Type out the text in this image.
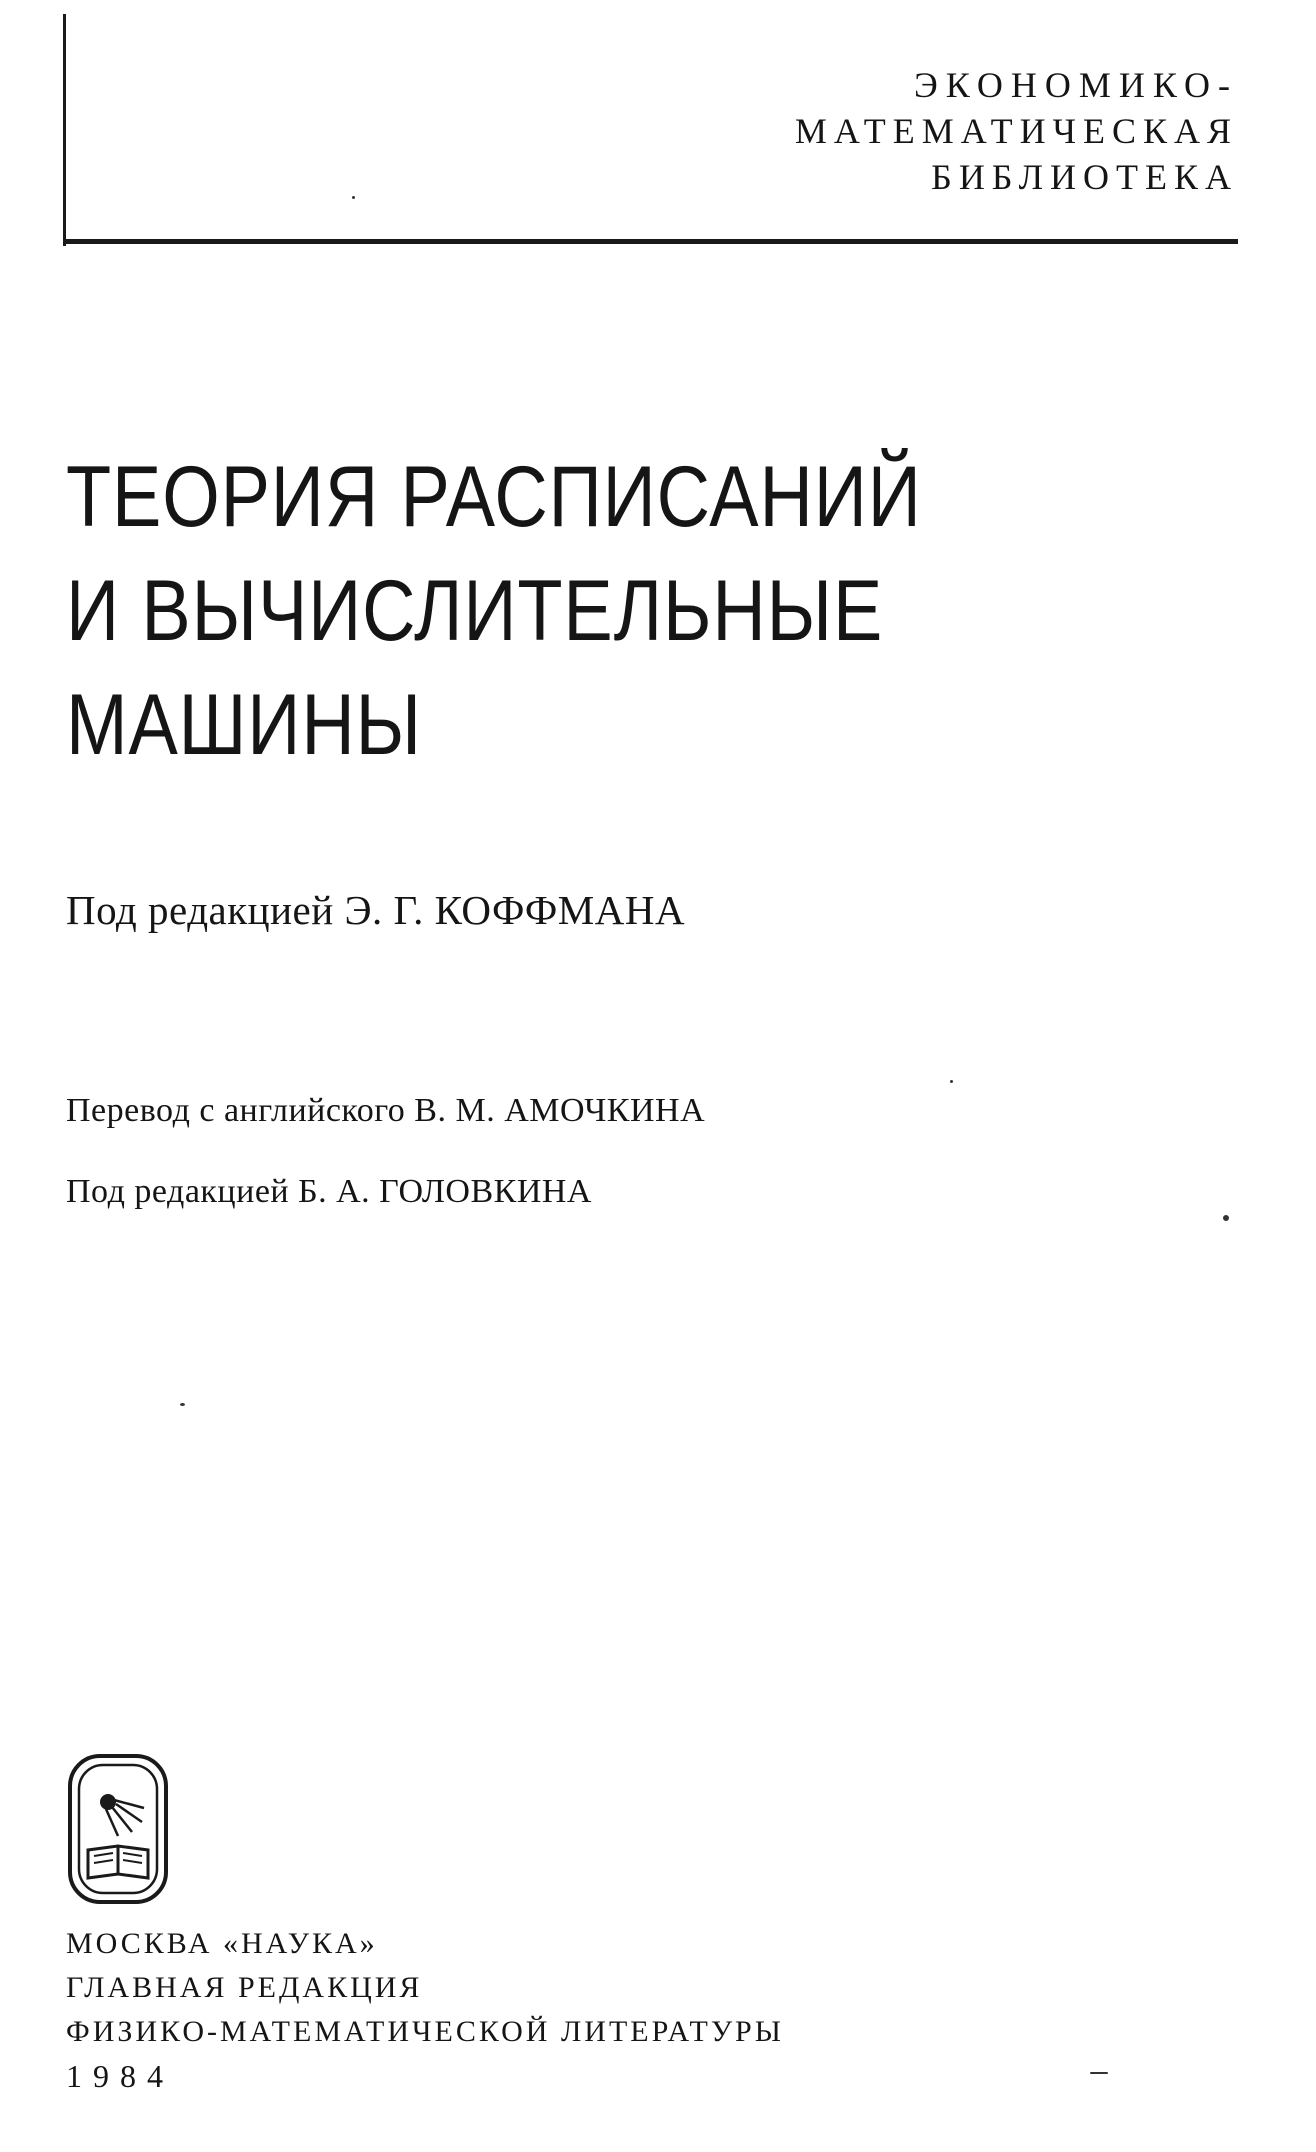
ЭКОНОМИКО-
МАТЕМАТИЧЕСКАЯ
БИБЛИОТЕКА
ТЕОРИЯ РАСПИСАНИЙ
И ВЫЧИСЛИТЕЛЬНЫЕ
МАШИНЫ
Под редакцией Э. Г. КОФФМАНА
Перевод с английского В. М. АМОЧКИНА
Под редакцией Б. А. ГОЛОВКИНА
МОСКВА «НАУКА»
ГЛАВНАЯ РЕДАКЦИЯ
ФИЗИКО-МАТЕМАТИЧЕСКОЙ ЛИТЕРАТУРЫ
1984
